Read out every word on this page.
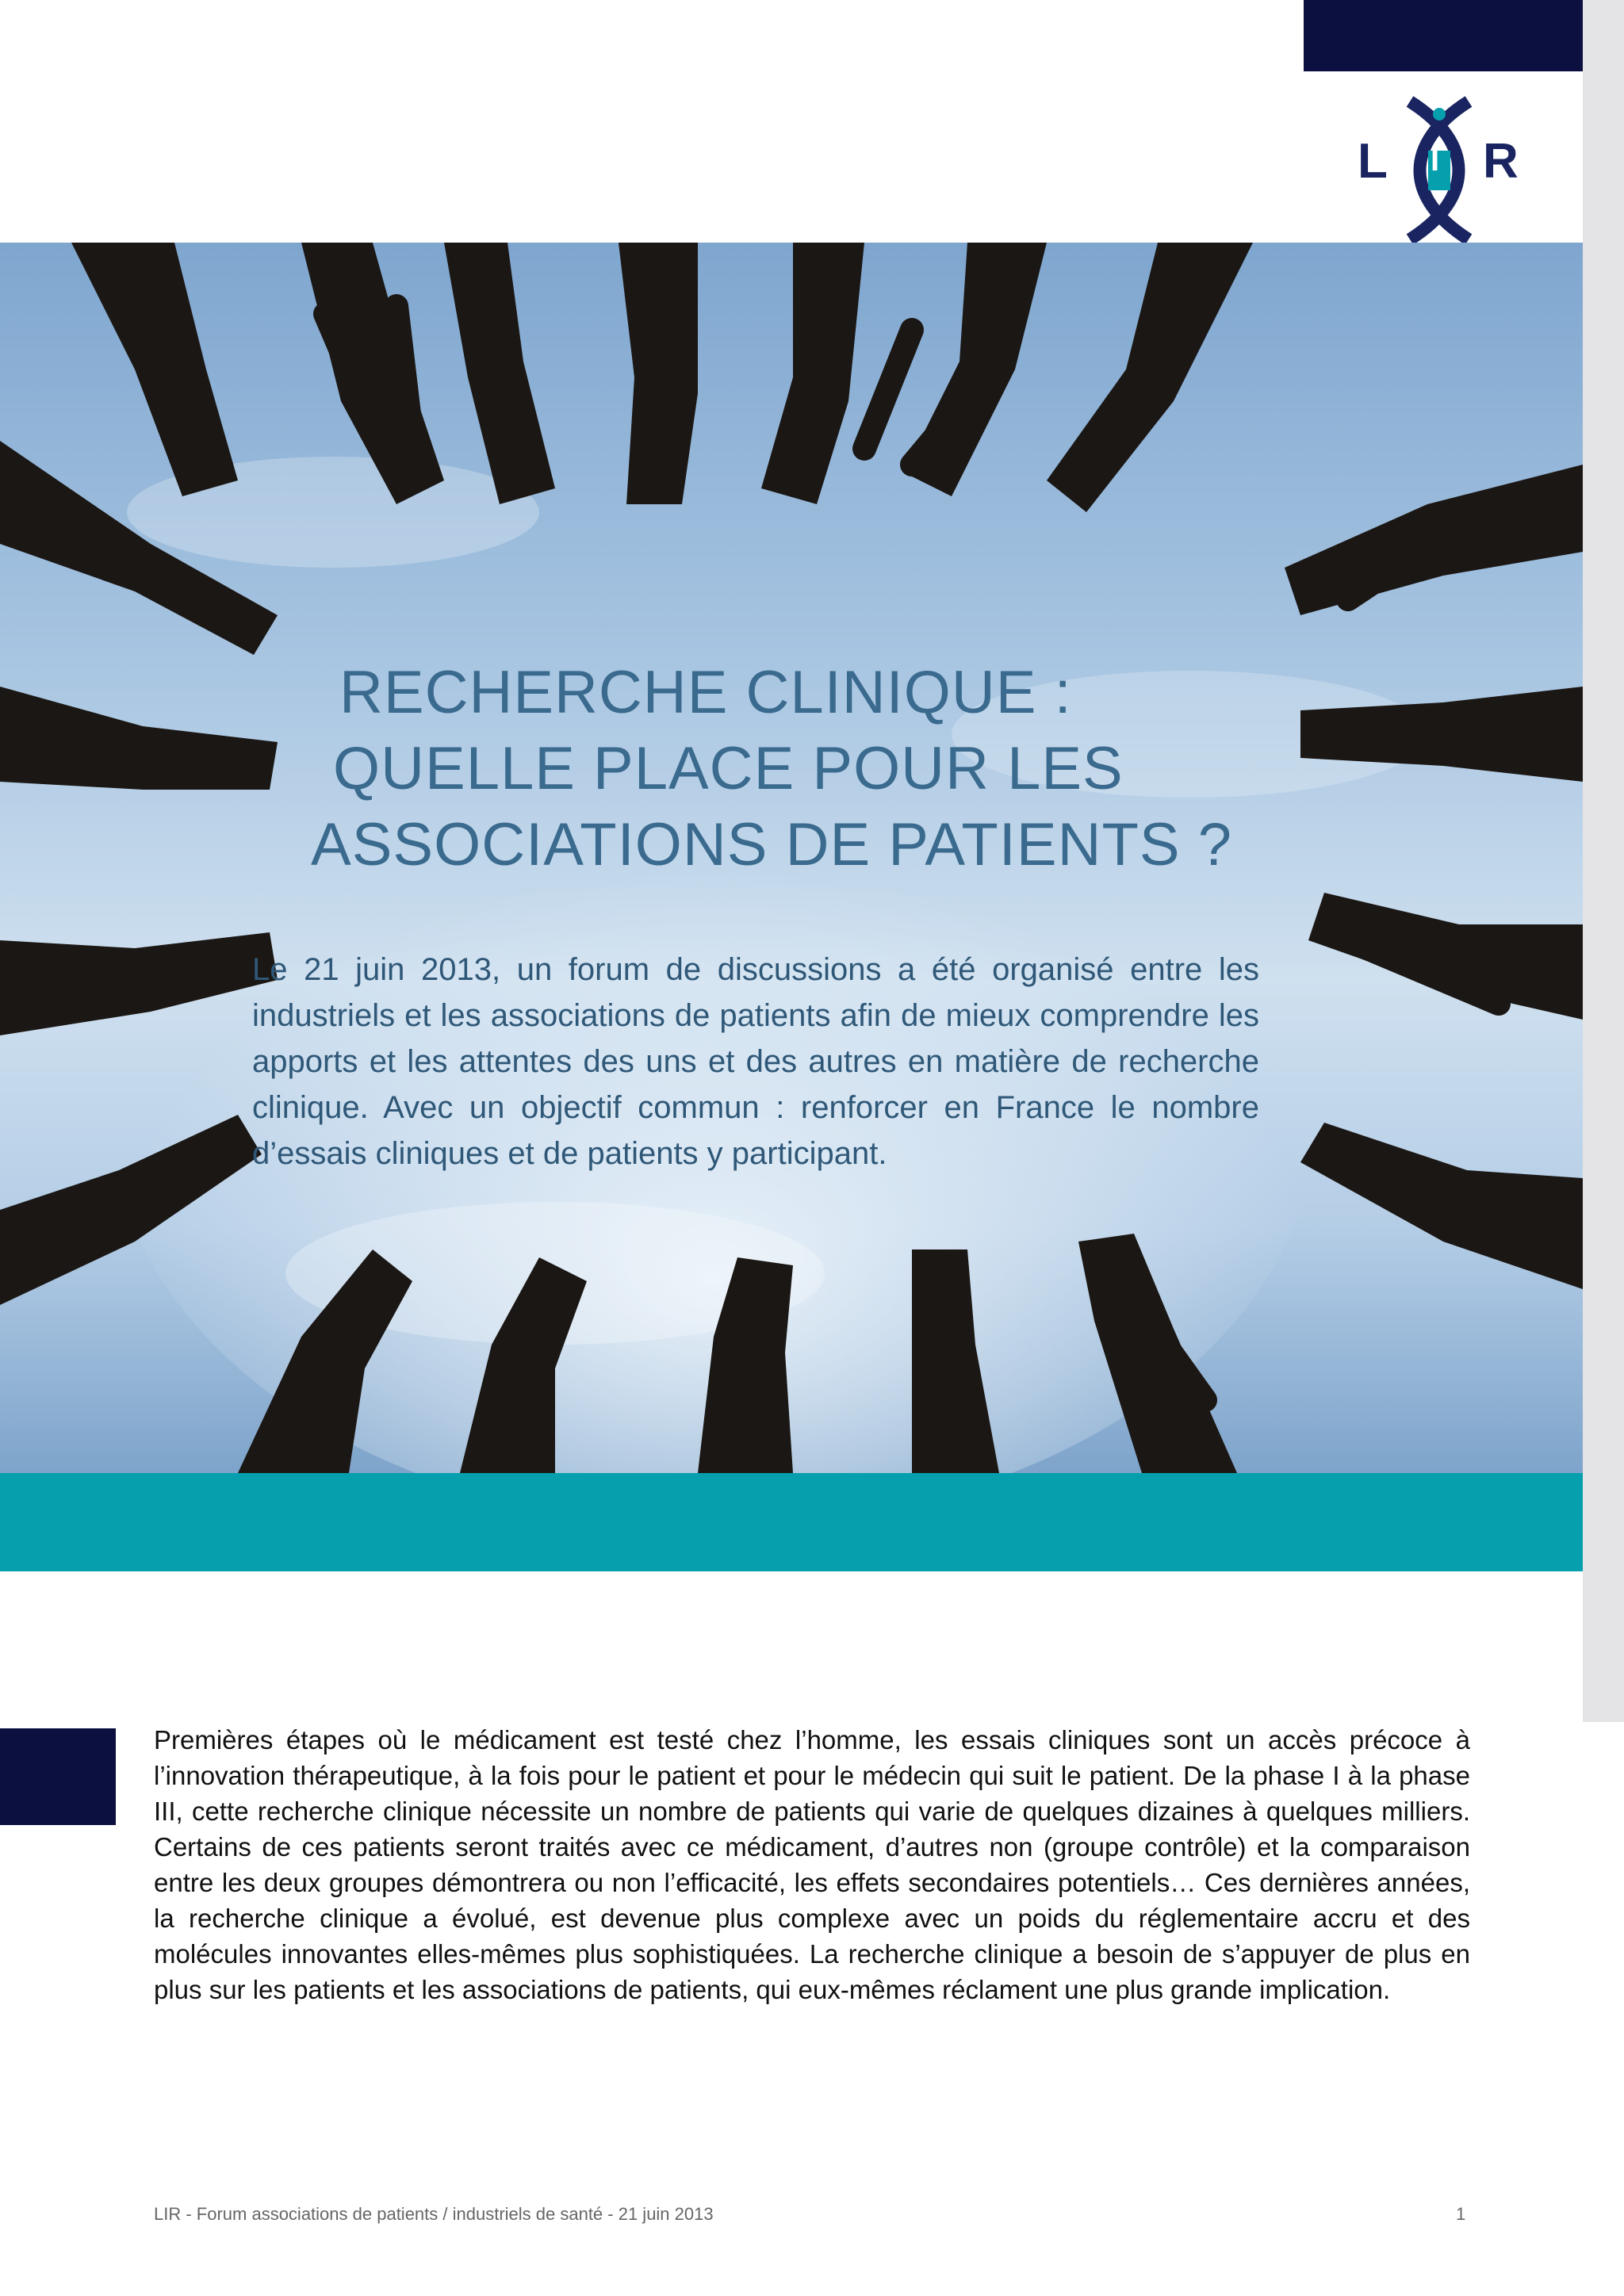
L I R
RECHERCHE CLINIQUE :
QUELLE PLACE POUR LES
ASSOCIATIONS DE PATIENTS ?

Le 21 juin 2013, un forum de discussions a été organisé entre les industriels et les associations de patients afin de mieux comprendre les apports et les attentes des uns et des autres en matière de recherche clinique. Avec un objectif commun : renforcer en France le nombre d’essais cliniques et de patients y participant.

Premières étapes où le médicament est testé chez l’homme, les essais cliniques sont un accès précoce à l’innovation thérapeutique, à la fois pour le patient et pour le médecin qui suit le patient. De la phase I à la phase III, cette recherche clinique nécessite un nombre de patients qui varie de quelques dizaines à quelques milliers. Certains de ces patients seront traités avec ce médicament, d’autres non (groupe contrôle) et la comparaison entre les deux groupes démontrera ou non l’efficacité, les effets secondaires potentiels… Ces dernières années, la recherche clinique a évolué, est devenue plus complexe avec un poids du réglementaire accru et des molécules innovantes elles-mêmes plus sophistiquées. La recherche clinique a besoin de s’appuyer de plus en plus sur les patients et les associations de patients, qui eux-mêmes réclament une plus grande implication.

LIR - Forum associations de patients / industriels de santé - 21 juin 2013	1
